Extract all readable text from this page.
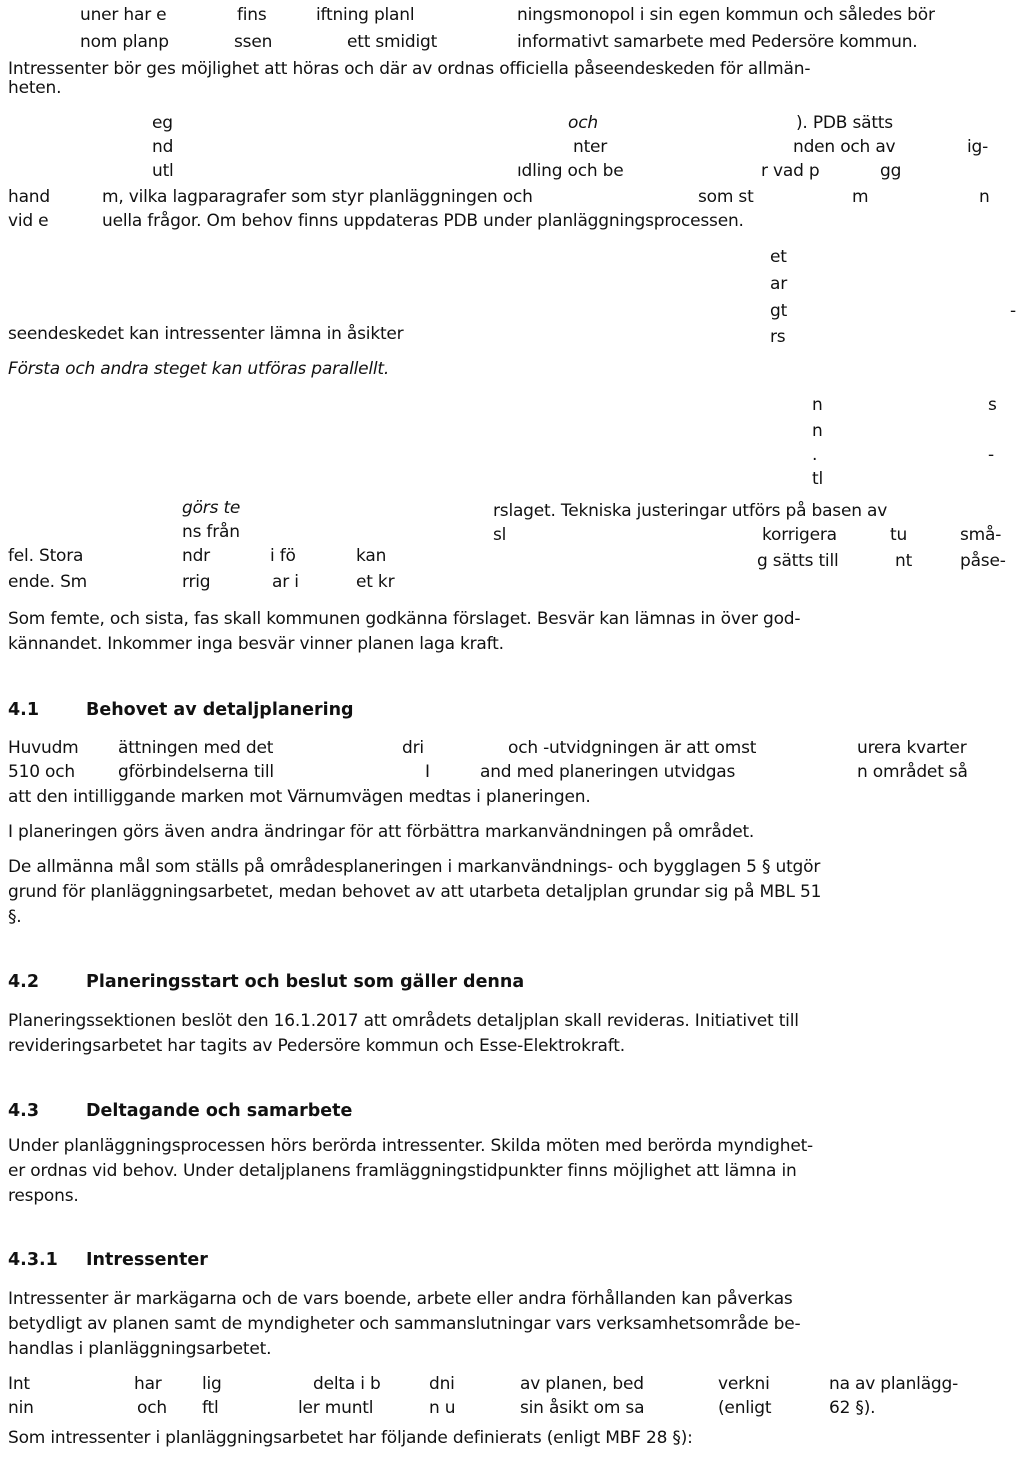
uner har e	fins	iftning planl	ningsmonopol i sin egen kommun och således bör
nom planp	ssen	ett smidigt	informativt samarbete med Pedersöre kommun.
Intressenter bör ges möjlighet att höras och där av ordnas officiella påseendeskeden för allmän-
heten.
eg	och	). PDB sätts
nd	nter	nden och av	ig-
utl	ıdling och be	r vad p	gg
hand	m, vilka lagparagrafer som styr planläggningen och	som st	m	n
vid e	uella frågor. Om behov finns uppdateras PDB under planläggningsprocessen.
et
ar
gt	-
seendeskedet kan intressenter lämna in åsikter	rs
Första och andra steget kan utföras parallellt.
n	s
n
.	-
tl
görs te	rslaget. Tekniska justeringar utförs på basen av
ns från	sl	korrigera	tu	små-
fel. Stora	ndr	i fö	kan	g sätts till	nt	påse-
ende. Sm	rrig	ar i	et kr
Som femte, och sista, fas skall kommunen godkänna förslaget. Besvär kan lämnas in över god-
kännandet. Inkommer inga besvär vinner planen laga kraft.
4.1	Behovet av detaljplanering
Huvudm ättningen med det	dri	och -utvidgningen är att omst	urera kvarter
510 och	gförbindelserna till	I	and med planeringen utvidgas	n området så
att den intilliggande marken mot Värnumvägen medtas i planeringen.
I planeringen görs även andra ändringar för att förbättra markanvändningen på området.
De allmänna mål som ställs på områdesplaneringen i markanvändnings- och bygglagen 5 § utgör
grund för planläggningsarbetet, medan behovet av att utarbeta detaljplan grundar sig på MBL 51
§.
4.2	Planeringsstart och beslut som gäller denna
Planeringssektionen beslöt den 16.1.2017 att områdets detaljplan skall revideras. Initiativet till
revideringsarbetet har tagits av Pedersöre kommun och Esse-Elektrokraft.
4.3	Deltagande och samarbete
Under planläggningsprocessen hörs berörda intressenter. Skilda möten med berörda myndighet-
er ordnas vid behov. Under detaljplanens framläggningstidpunkter finns möjlighet att lämna in
respons.
4.3.1 Intressenter
Intressenter är markägarna och de vars boende, arbete eller andra förhållanden kan påverkas
betydligt av planen samt de myndigheter och sammanslutningar vars verksamhetsområde be-
handlas i planläggningsarbetet.
Int	har lig	delta i b	dni	av planen, bed	verkni	na av planlägg-
nin	och ftl	ler muntl	n u	sin åsikt om sa	(enligt	62 §).
Som intressenter i planläggningsarbetet har följande definierats (enligt MBF 28 §):
